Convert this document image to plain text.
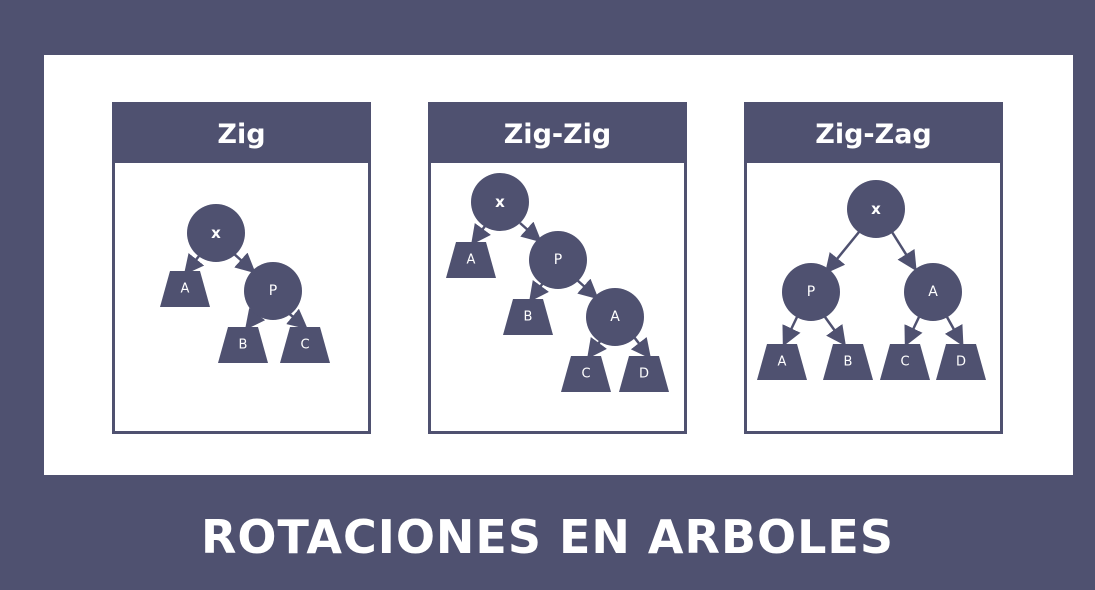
Zig
x
P
A
B	C
Zig-Zig
x
P
A
A
B
C	D
Zig-Zag
x
P	A
A	B	C	D
ROTACIONES EN ARBOLES
